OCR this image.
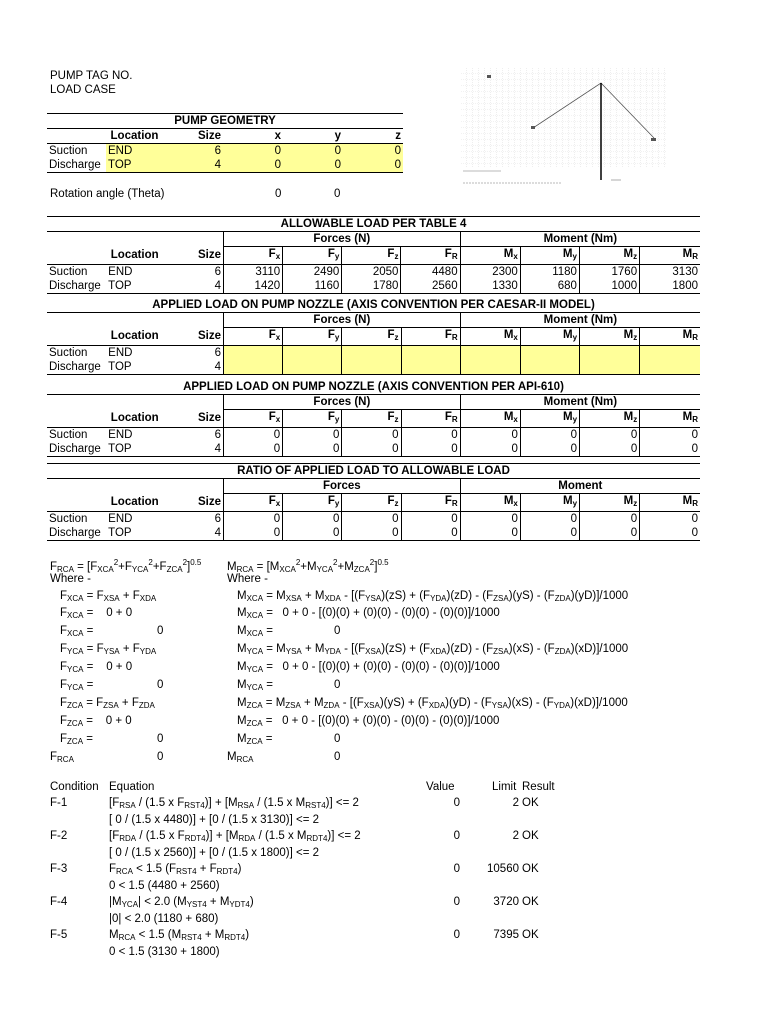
PUMP TAG NO.
LOAD CASE
PUMP GEOMETRY					
	Location	Size	x	y	z
Suction	END	6	0	0	0
Discharge	TOP	4	0	0	0
Rotation angle (Theta)	0	0
ALLOWABLE LOAD PER TABLE 4										
			Forces (N)				Moment (Nm)			
	Location	Size	$F_x$	$F_y$	$F_z$	$F_R$	$M_x$	$M_y$	$M_z$	$M_R$
Suction	END	6	3110	2490	2050	4480	2300	1180	1760	3130
Discharge	TOP	4	1420	1160	1780	2560	1330	680	1000	1800
APPLIED LOAD ON PUMP NOZZLE (AXIS CONVENTION PER CAESAR-II MODEL)										
			Forces (N)				Moment (Nm)			
	Location	Size	$F_x$	$F_y$	$F_z$	$F_R$	$M_x$	$M_y$	$M_z$	$M_R$
Suction	END	6								
Discharge	TOP	4								
APPLIED LOAD ON PUMP NOZZLE (AXIS CONVENTION PER API-610)										
			Forces (N)				Moment (Nm)			
	Location	Size	$F_x$	$F_y$	$F_z$	$F_R$	$M_x$	$M_y$	$M_z$	$M_R$
Suction	END	6	0	0	0	0	0	0	0	0
Discharge	TOP	4	0	0	0	0	0	0	0	0
RATIO OF APPLIED LOAD TO ALLOWABLE LOAD										
			Forces				Moment			
	Location	Size	$F_x$	$F_y$	$F_z$	$F_R$	$M_x$	$M_y$	$M_z$	$M_R$
Suction	END	6	0	0	0	0	0	0	0	0
Discharge	TOP	4	0	0	0	0	0	0	0	0
$F_{RCA} = [F_{XCA}^2+F_{YCA}^2+F_{ZCA}^2]^{0.5}$
Where -
$F_{XCA} = F_{XSA} + F_{XDA}$
$F_{XCA}$ =    0 + 0
$F_{XCA}$ =	0
$F_{YCA} = F_{YSA} + F_{YDA}$
$F_{YCA}$ =    0 + 0
$F_{YCA}$ =	0
$F_{ZCA} = F_{ZSA} + F_{ZDA}$
$F_{ZCA}$ =    0 + 0
$F_{ZCA}$ =	0
$F_{RCA}$	0
$M_{RCA} = [M_{XCA}^2+M_{YCA}^2+M_{ZCA}^2]^{0.5}$
Where -
$M_{XCA} = M_{XSA} + M_{XDA} - [(F_{YSA})(zS) + (F_{YDA})(zD) - (F_{ZSA})(yS) - (F_{ZDA})(yD)]/1000$
$M_{XCA} = 0 + 0 - [(0)(0) + (0)(0) - (0)(0) - (0)(0)]/1000$
$M_{XCA}$ =	0
$M_{YCA} = M_{YSA} + M_{YDA} - [(F_{XSA})(zS) + (F_{XDA})(zD) - (F_{ZSA})(xS) - (F_{ZDA})(xD)]/1000$
$M_{YCA} = 0 + 0 - [(0)(0) + (0)(0) - (0)(0) - (0)(0)]/1000$
$M_{YCA}$ =	0
$M_{ZCA} = M_{ZSA} + M_{ZDA} - [(F_{XSA})(yS) + (F_{XDA})(yD) - (F_{YSA})(xS) - (F_{YDA})(xD)]/1000$
$M_{ZCA} = 0 + 0 - [(0)(0) + (0)(0) - (0)(0) - (0)(0)]/1000$
$M_{ZCA}$ =	0
$M_{RCA}$	0
Condition Equation	Value	Limit Result
F-1	[$F_{RSA} / (1.5$ x $F_{RST4})] + [M_{RSA} / (1.5$ x $M_{RST4})] <= 2$
[ 0 / (1.5 x 4480)] + [0 / (1.5 x 3130)] <= 2
0	2 OK
F-2	[$F_{RDA} / (1.5$ x $F_{RDT4})] + [M_{RDA} / (1.5$ x $M_{RDT4})] <= 2$
[ 0 / (1.5 x 2560)] + [0 / (1.5 x 1800)] <= 2
0	2 OK
F-3	$F_{RCA} < 1.5$ $(F_{RST4} + F_{RDT4})$
0 < 1.5 (4480 + 2560)
0	10560 OK
F-4	$|M_{YCA}| < 2.0$ $(M_{YST4} + M_{YDT4})$
|0| < 2.0 (1180 + 680)
0	3720 OK
F-5	$M_{RCA} < 1.5$ $(M_{RST4} + M_{RDT4})$
0 < 1.5 (3130 + 1800)
0	7395 OK
